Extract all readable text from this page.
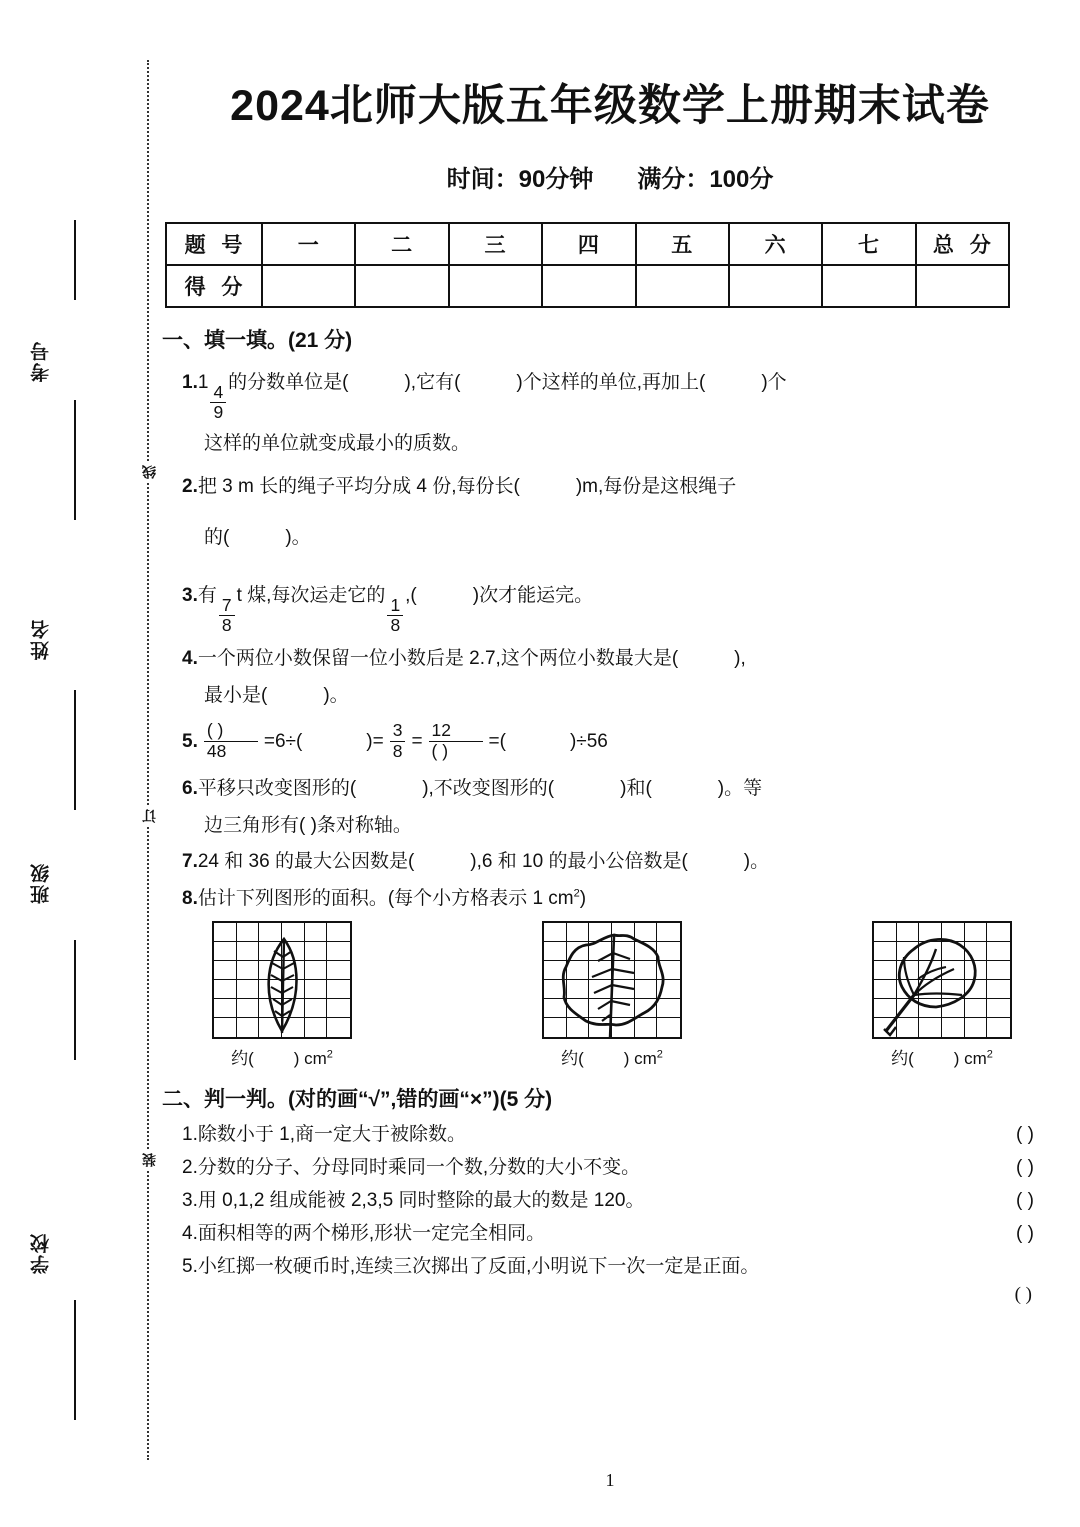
考号
姓名
班级
学校
线
订
装
2024北师大版五年级数学上册期末试卷
时间：90分钟 满分：100分
题 号	一	二	三	四	五	六	七	总 分
得 分								
一、填一填。(21 分)
1.1
$\frac{4}{9}$
的分数单位是(	),它有(	)个这样的单位,再加上(	)个
这样的单位就变成最小的质数。
2.把 3 m 长的绳子平均分成 4 份,每份长(	)m,每份是这根绳子
的(	)。
3.有
$\frac{7}{8}$
t 煤,每次运走它的
$\frac{1}{8}$
,(	)次才能运完。
4.一个两位小数保留一位小数后是 2.7,这个两位小数最大是(	),
最小是(	)。
5. $\frac{( )}{48} =6\div$(	)= $\frac{3}{8} = \frac{12}{( )}$ =(	)÷56
6.平移只改变图形的(	),不改变图形的(	)和(	)。等
边三角形有( )条对称轴。
7.24 和 36 的最大公因数是(	),6 和 10 的最小公倍数是(	)。
8.估计下列图形的面积。(每个小方格表示 1 $cm^2$)
约( ) $cm^2$	约( ) $cm^2$	约( ) $cm^2$
二、判一判。(对的画“√”,错的画“×”)(5 分)
1.除数小于 1,商一定大于被除数。	( )
2.分数的分子、分母同时乘同一个数,分数的大小不变。	( )
3.用 0,1,2 组成能被 2,3,5 同时整除的最大的数是 120。	( )
4.面积相等的两个梯形,形状一定完全相同。	( )
5.小红掷一枚硬币时,连续三次掷出了反面,小明说下一次一定是正面。
( )
1
